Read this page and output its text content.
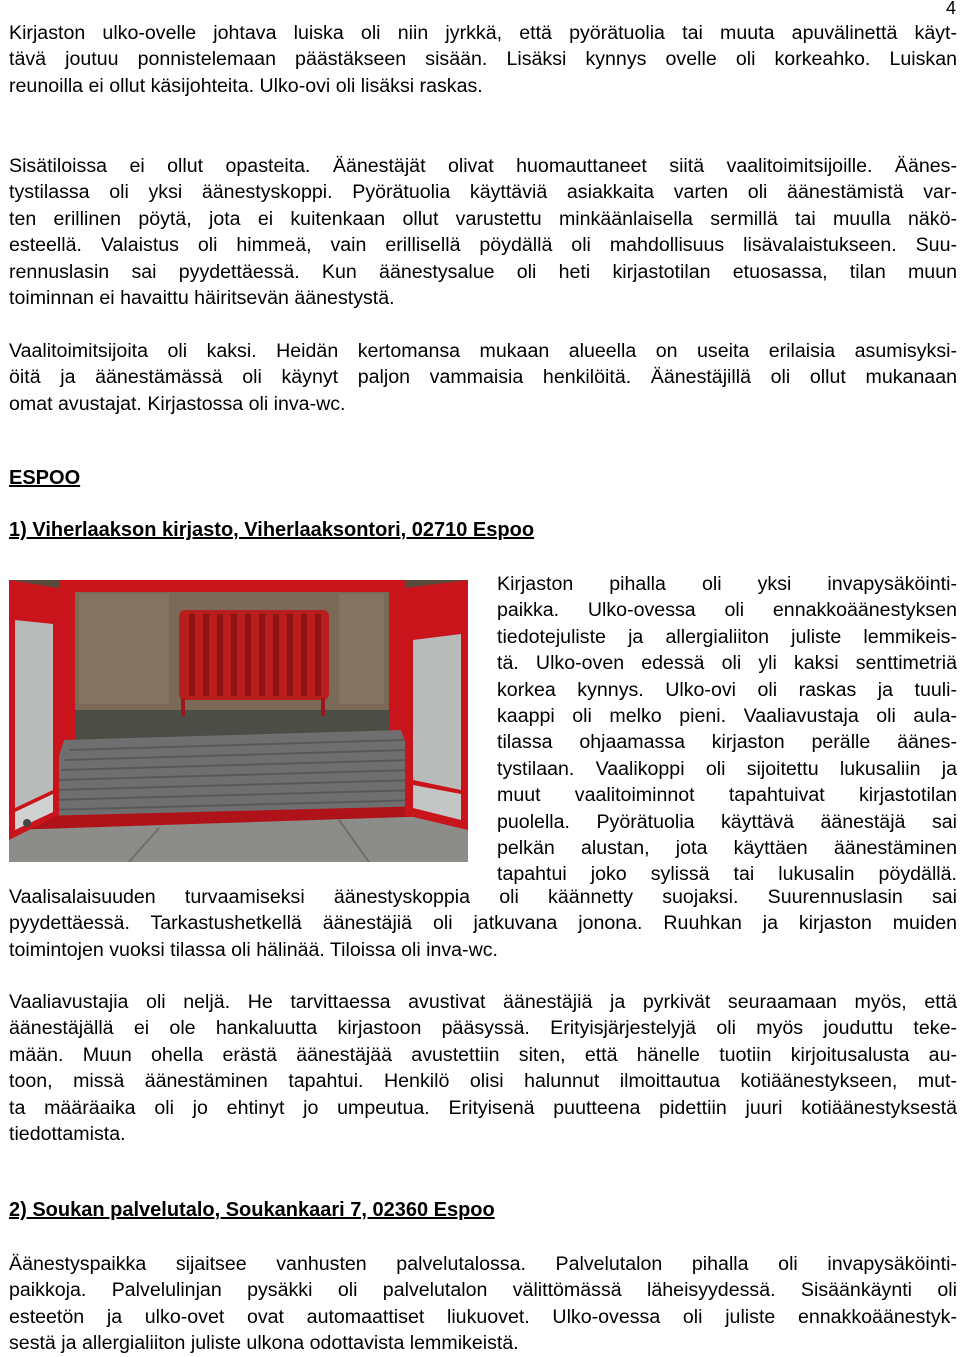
4

Kirjaston ulko-ovelle johtava luiska oli niin jyrkkä, että pyörätuolia tai muuta apuvälinettä käyt-
tävä joutuu ponnistelemaan päästäkseen sisään. Lisäksi kynnys ovelle oli korkeahko. Luiskan
reunoilla ei ollut käsijohteita. Ulko-ovi oli lisäksi raskas.

Sisätiloissa ei ollut opasteita. Äänestäjät olivat huomauttaneet siitä vaalitoimitsijoille. Äänes-
tystilassa oli yksi äänestyskoppi. Pyörätuolia käyttäviä asiakkaita varten oli äänestämistä var-
ten erillinen pöytä, jota ei kuitenkaan ollut varustettu minkäänlaisella sermillä tai muulla näkö-
esteellä. Valaistus oli himmeä, vain erillisellä pöydällä oli mahdollisuus lisävalaistukseen. Suu-
rennuslasin sai pyydettäessä. Kun äänestysalue oli heti kirjastotilan etuosassa, tilan muun
toiminnan ei havaittu häiritsevän äänestystä.

Vaalitoimitsijoita oli kaksi. Heidän kertomansa mukaan alueella on useita erilaisia asumisyksi-
öitä ja äänestämässä oli käynyt paljon vammaisia henkilöitä. Äänestäjillä oli ollut mukanaan
omat avustajat. Kirjastossa oli inva-wc.

ESPOO
1) Viherlaakson kirjasto, Viherlaaksontori, 02710 Espoo

Kirjaston pihalla oli yksi invapysäköinti-
paikka. Ulko-ovessa oli ennakkoäänestyksen
tiedotejuliste ja allergialiiton juliste lemmikeis-
tä. Ulko-oven edessä oli yli kaksi senttimetriä
korkea kynnys. Ulko-ovi oli raskas ja tuuli-
kaappi oli melko pieni. Vaaliavustaja oli aula-
tilassa ohjaamassa kirjaston perälle äänes-
tystilaan. Vaalikoppi oli sijoitettu lukusaliin ja
muut vaalitoiminnot tapahtuivat kirjastotilan
puolella. Pyörätuolia käyttävä äänestäjä sai
pelkän alustan, jota käyttäen äänestäminen
tapahtui joko sylissä tai lukusalin pöydällä.

Vaalisalaisuuden turvaamiseksi äänestyskoppia oli käännetty suojaksi. Suurennuslasin sai
pyydettäessä. Tarkastushetkellä äänestäjiä oli jatkuvana jonona. Ruuhkan ja kirjaston muiden
toimintojen vuoksi tilassa oli hälinää. Tiloissa oli inva-wc.

Vaaliavustajia oli neljä. He tarvittaessa avustivat äänestäjiä ja pyrkivät seuraamaan myös, että
äänestäjällä ei ole hankaluutta kirjastoon pääsyssä. Erityisjärjestelyjä oli myös jouduttu teke-
mään. Muun ohella erästä äänestäjää avustettiin siten, että hänelle tuotiin kirjoitusalusta au-
toon, missä äänestäminen tapahtui. Henkilö olisi halunnut ilmoittautua kotiäänestykseen, mut-
ta määräaika oli jo ehtinyt jo umpeutua. Erityisenä puutteena pidettiin juuri kotiäänestyksestä
tiedottamista.

2) Soukan palvelutalo, Soukankaari 7, 02360 Espoo

Äänestyspaikka sijaitsee vanhusten palvelutalossa. Palvelutalon pihalla oli invapysäköinti-
paikkoja. Palvelulinjan pysäkki oli palvelutalon välittömässä läheisyydessä. Sisäänkäynti oli
esteetön ja ulko-ovet ovat automaattiset liukuovet. Ulko-ovessa oli juliste ennakkoäänestyk-
sestä ja allergialiiton juliste ulkona odottavista lemmikeistä.
